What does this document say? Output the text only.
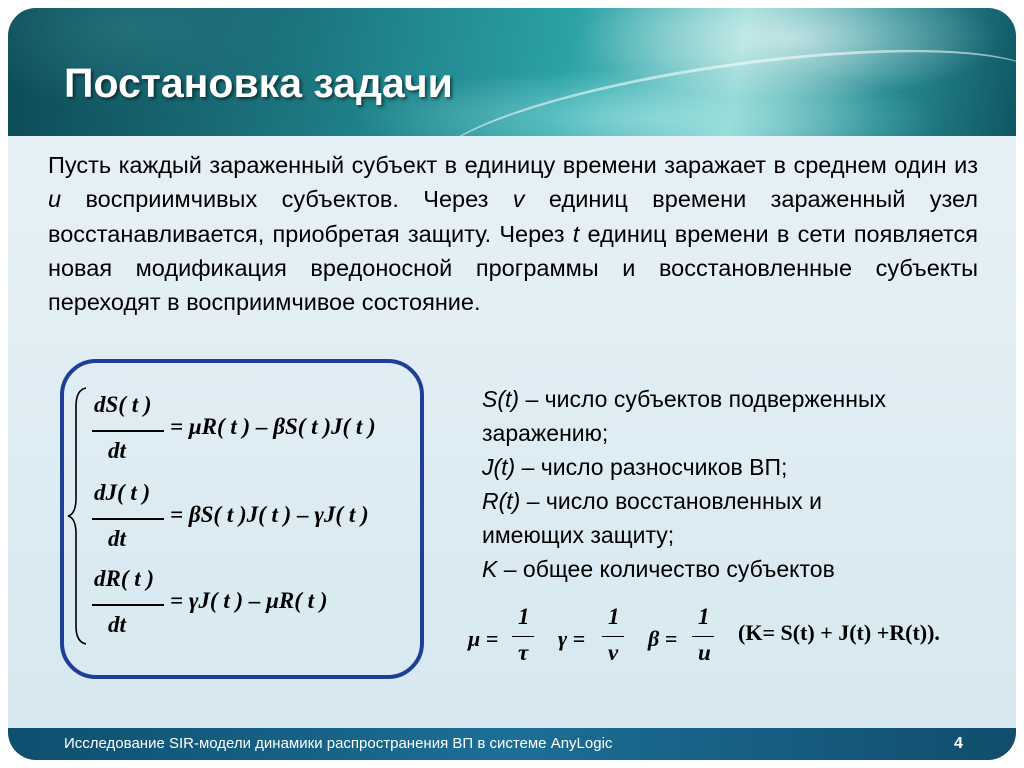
Постановка задачи

Пусть каждый зараженный субъект в единицу времени заражает в среднем один из u восприимчивых субъектов. Через v единиц времени зараженный узел восстанавливается, приобретая защиту. Через t единиц времени в сети появляется новая модификация вредоносной программы и восстановленные субъекты переходят в восприимчивое состояние.

dS( t )
dt
= μR( t ) – βS( t )J( t )
dJ( t )
dt
= βS( t )J( t ) – γJ( t )
dR( t )
dt
= γJ( t ) – μR( t )
S(t) – число субъектов подверженных
заражению;
J(t) – число разносчиков ВП;
R(t) – число восстановленных и
имеющих защиту;
K – общее количество субъектов
μ =
1
τ
γ =
1
v
β =
1
u
(K= S(t) + J(t) +R(t)).
Исследование SIR-модели динамики распространения ВП в системе AnyLogic	4
